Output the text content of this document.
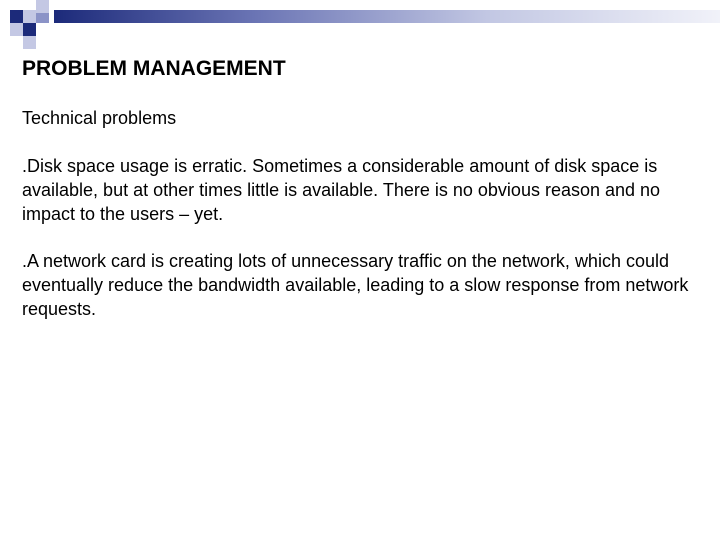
PROBLEM MANAGEMENT

Technical problems

.Disk space usage is erratic. Sometimes a considerable amount of disk space is available, but at other times little is available. There is no obvious reason and no impact to the users – yet.

.A network card is creating lots of unnecessary traffic on the network, which could eventually reduce the bandwidth available, leading to a slow response from network requests.
